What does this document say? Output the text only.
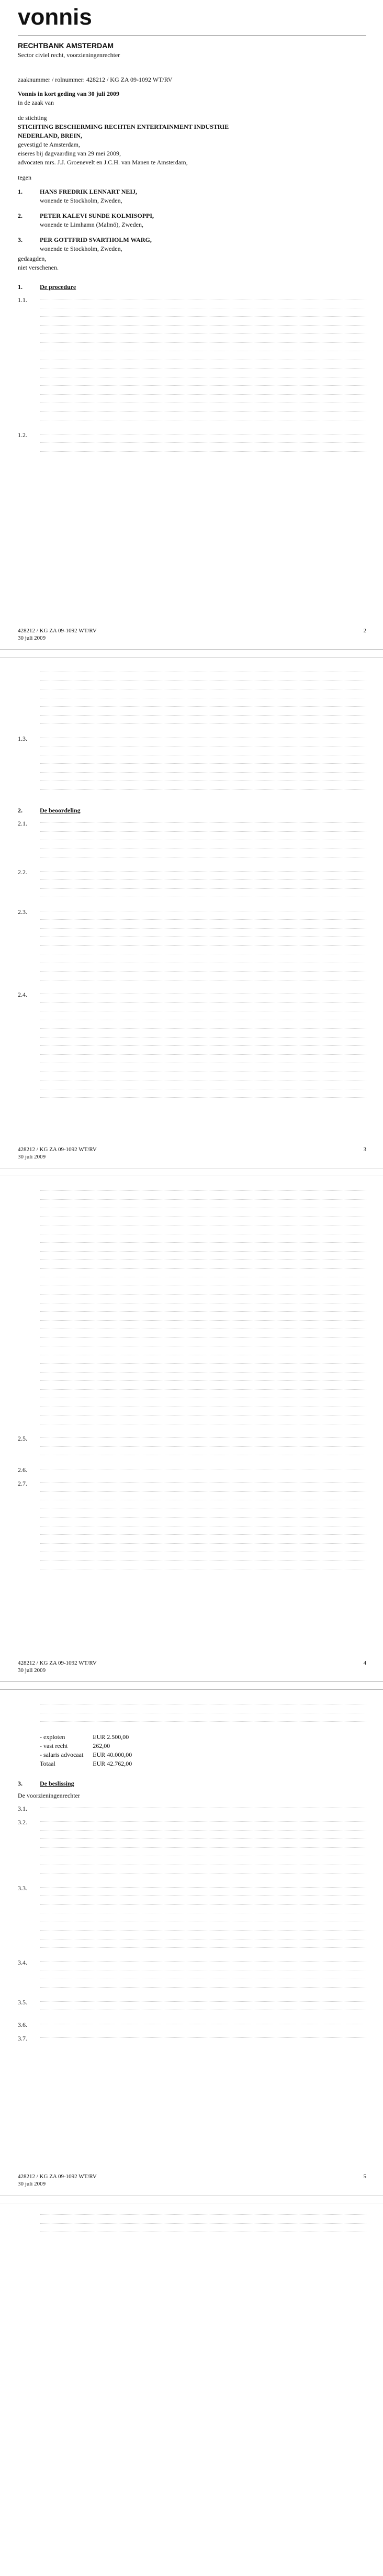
vonnis

RECHTBANK AMSTERDAM

Sector civiel recht, voorzieningenrechter

zaaknummer / rolnummer: 428212 / KG ZA 09-1092 WT/RV

Vonnis in kort geding van 30 juli 2009

in de zaak van

de stichting

STICHTING BESCHERMING RECHTEN ENTERTAINMENT INDUSTRIE

NEDERLAND, BREIN,

gevestigd te Amsterdam,

eiseres bij dagvaarding van 29 mei 2009,

advocaten mrs. J.J. Groenevelt en J.C.H. van Manen te Amsterdam,

tegen

1.	HANS FREDRIK LENNART NEIJ,

wonende te Stockholm, Zweden,

2.	PETER KALEVI SUNDE KOLMISOPPI,

wonende te Limhamn (Malmö), Zweden,

3.	PER GOTTFRID SVARTHOLM WARG,

wonende te Stockholm, Zweden,

gedaagden,

niet verschenen.

1.	De procedure
1.1.
1.2.
428212 / KG ZA 09-1092 WT/RV
30 juli 2009
2
1.3.
2.	De beoordeling
2.1.
2.2.
2.3.
2.4.
428212 / KG ZA 09-1092 WT/RV
30 juli 2009
3
2.5.
2.6.
2.7.
428212 / KG ZA 09-1092 WT/RV
30 juli 2009
4
- exploten	EUR 2.500,00
- vast recht	262,00
- salaris advocaat	EUR 40.000,00
Totaal	EUR 42.762,00
3.	De beslissing

De voorzieningenrechter

3.1.
3.2.
3.3.
3.4.
3.5.
3.6.
3.7.
428212 / KG ZA 09-1092 WT/RV
30 juli 2009
5
